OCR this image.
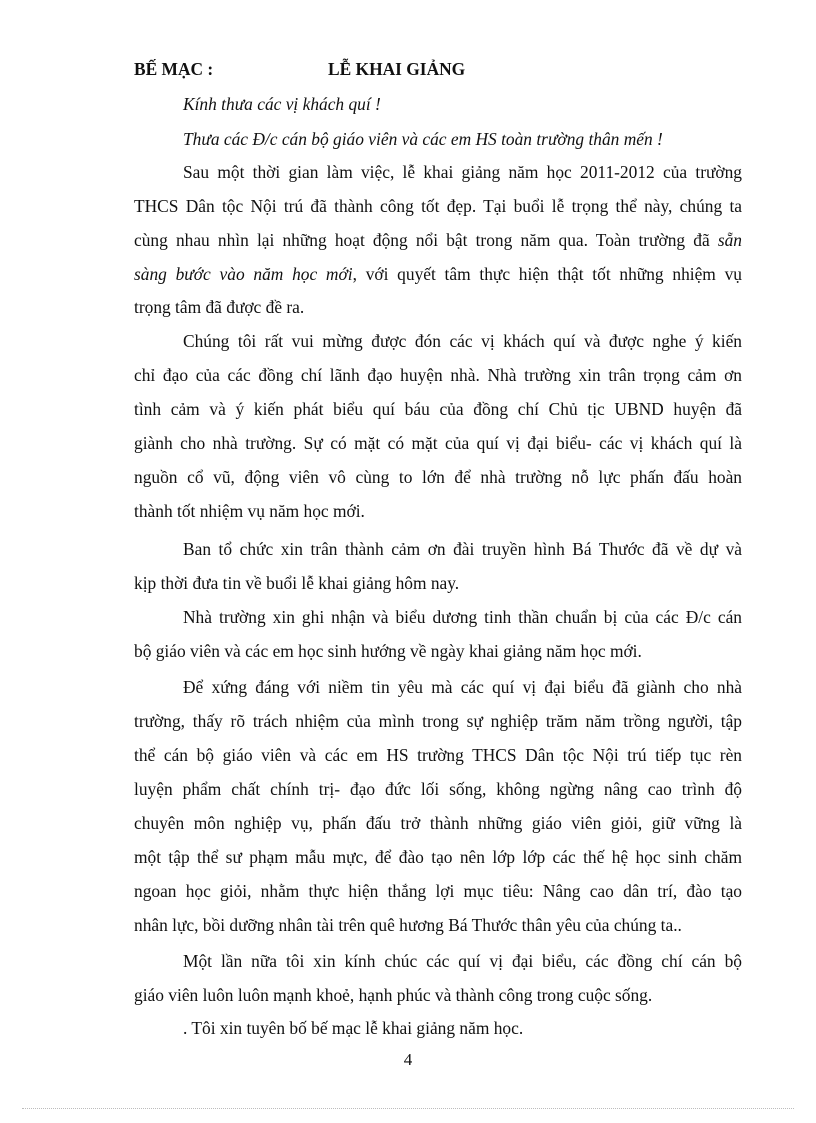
BẾ MẠC :	LỄ KHAI GIẢNG
Kính thưa các vị khách quí !
Thưa các Đ/c cán bộ giáo viên và các em HS toàn trường thân mến !
Sau một thời gian làm việc, lễ khai giảng năm học 2011-2012 của trường
THCS Dân tộc Nội trú đã thành công tốt đẹp. Tại buổi lễ trọng thể này, chúng ta
cùng nhau nhìn lại những hoạt động nổi bật trong năm qua. Toàn trường đã sẵn
sàng bước vào năm học mới, với quyết tâm thực hiện thật tốt những nhiệm vụ
trọng tâm đã được đề ra.
Chúng tôi rất vui mừng được đón các vị khách quí và được nghe ý kiến
chỉ đạo của các đồng chí lãnh đạo huyện nhà. Nhà trường xin trân trọng cảm ơn
tình cảm và ý kiến phát biểu quí báu của đồng chí Chủ tịc UBND huyện đã
giành cho nhà trường. Sự có mặt có mặt của quí vị đại biểu- các vị khách quí là
nguồn cổ vũ, động viên vô cùng to lớn để nhà trường nỗ lực phấn đấu hoàn
thành tốt nhiệm vụ năm học mới.
Ban tổ chức xin trân thành cảm ơn đài truyền hình Bá Thước đã về dự và
kịp thời đưa tin về buổi lễ khai giảng hôm nay.
Nhà trường xin ghi nhận và biểu dương tinh thần chuẩn bị của các Đ/c cán
bộ giáo viên và các em học sinh hướng về ngày khai giảng năm học mới.
Để xứng đáng với niềm tin yêu mà các quí vị đại biểu đã giành cho nhà
trường, thấy rõ trách nhiệm của mình trong sự nghiệp trăm năm trồng người, tập
thể cán bộ giáo viên và các em HS trường THCS Dân tộc Nội trú tiếp tục rèn
luyện phẩm chất chính trị- đạo đức lối sống, không ngừng nâng cao trình độ
chuyên môn nghiệp vụ, phấn đấu trở thành những giáo viên giỏi, giữ vững là
một tập thể sư phạm mẫu mực, để đào tạo nên lớp lớp các thế hệ học sinh chăm
ngoan học giỏi, nhằm thực hiện thắng lợi mục tiêu: Nâng cao dân trí, đào tạo
nhân lực, bồi dưỡng nhân tài trên quê hương Bá Thước thân yêu của chúng ta..
Một lần nữa tôi xin kính chúc các quí vị đại biểu, các đồng chí cán bộ
giáo viên luôn luôn mạnh khoẻ, hạnh phúc và thành công trong cuộc sống.
. Tôi xin tuyên bố bế mạc lễ khai giảng năm học.
4
